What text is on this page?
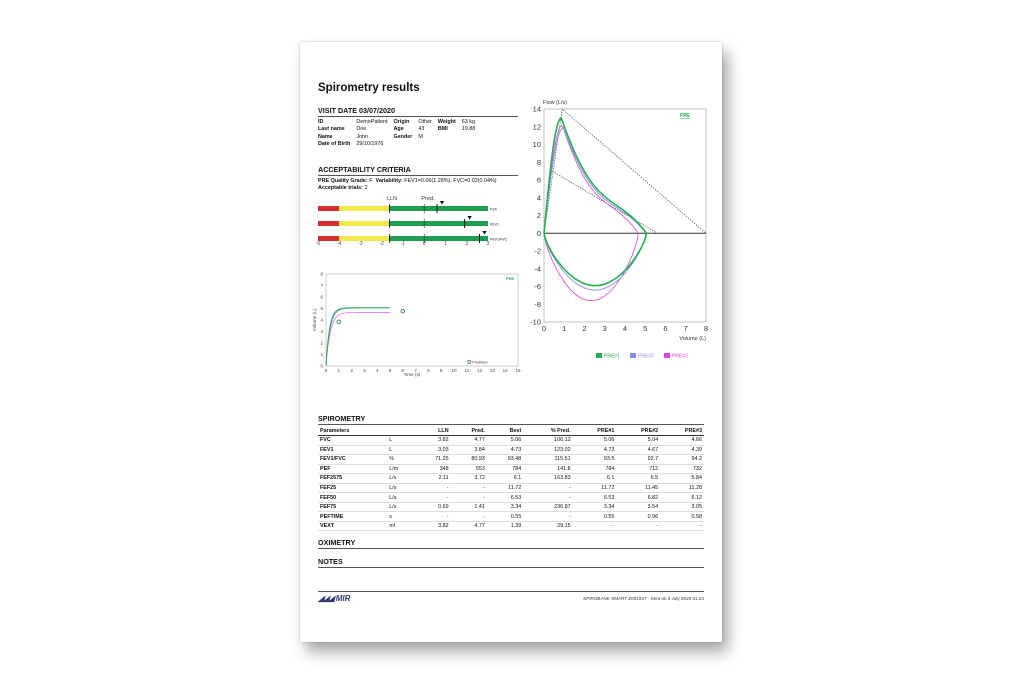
Spirometry results
VISIT DATE 03/07/2020
ID	DemoPatient	Origin	Other	Weight	63 kg
Last name	Doe	Age	43	BMI	19.88
Name	John	Gender	M		
Date of Birth	29/10/1976				
ACCEPTABILITY CRITERIA
PRE Quality Grade: F Variability: FEV1=0.06(1.28%), FVC=0.02(0.04%)
Acceptable trials: 2
LLN	Pred.
FVC
FEV1
FEV1/FVC
-5	-4	-3	-2	-1	0	1	2	3
0
1
2
3
4
5
6
7
8
0 1 2 3 4 5 6 7 8 9 10 11 12 13 14 15
Volume (L)
Time (s)
PRE
Predicted
Flow (L/s)
14
12
10
8
6
4
2
0
-2
-4
-6
-8
-10
0 1 2 3 4 5 6 7 8
Volume (L)
PRE
PRE#1	PRE#2	PRE#3
SPIROMETRY
Parameters		LLN	Pred.	Best	% Pred.	PRE#1	PRE#2	PRE#3
FVC	L	3.82	4.77	5.06	106.12	5.06	5.04	4.66
FEV1	L	3.03	3.84	4.73	123.02	4.73	4.67	4.39
FEV1/FVC	%	71.25	80.93	93.48	115.51	93.5	92.7	94.2
PEF	L/m	348	553	784	141.8	784	712	732
FEF2575	L/s	2.11	3.72	6.1	163.83	6.1	6.5	5.84
FEF25	L/s	-	-	11.72	-	11.72	11.45	11.28
FEF50	L/s	-	-	6.53	-	6.53	6.82	6.12
FEF75	L/s	0.69	1.41	3.34	236.87	3.34	3.54	3.05
PEFTIME	s	-	-	0.55	-	0.55	0.96	0.58
VEXT	ml	3.82	4.77	1.39	29.15	-	-	-
OXIMETRY
NOTES
◢◢◢ MIR	SPIROBANK SMART Z001947 · Sent on 3 July 2020 01:24
